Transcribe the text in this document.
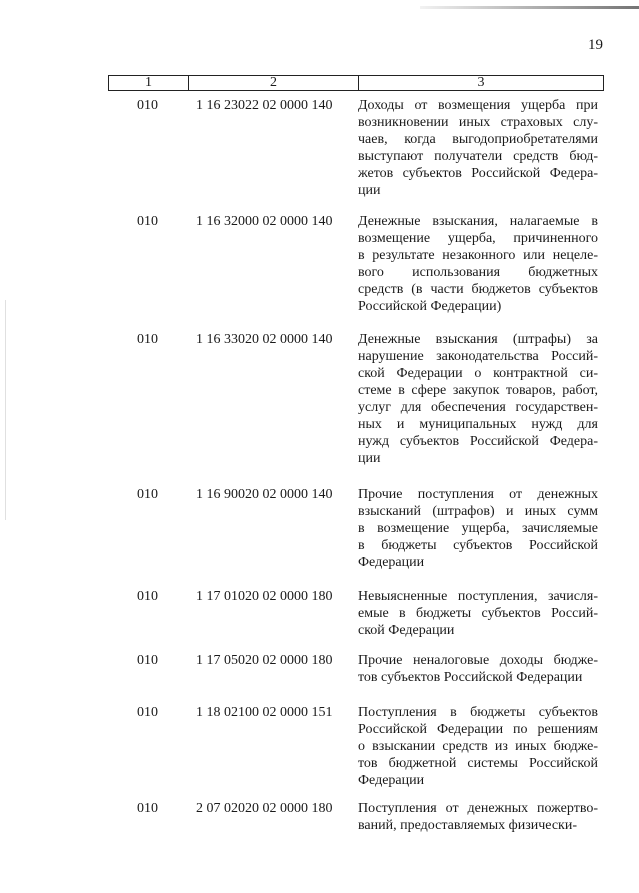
19
1	2	3
010	1 16 23022 02 0000 140 Доходы от возмещения ущерба при
возникновении иных страховых слу-
чаев, когда выгодоприобретателями
выступают получатели средств бюд-
жетов субъектов Российской Федера-
ции
010	1 16 32000 02 0000 140 Денежные взыскания, налагаемые в
возмещение ущерба, причиненного
в результате незаконного или нецеле-
вого использования бюджетных
средств (в части бюджетов субъектов
Российской Федерации)
010	1 16 33020 02 0000 140 Денежные взыскания (штрафы) за
нарушение законодательства Россий-
ской Федерации о контрактной си-
стеме в сфере закупок товаров, работ,
услуг для обеспечения государствен-
ных и муниципальных нужд для
нужд субъектов Российской Федера-
ции
010	1 16 90020 02 0000 140 Прочие поступления от денежных
взысканий (штрафов) и иных сумм
в возмещение ущерба, зачисляемые
в бюджеты субъектов Российской
Федерации
010	1 17 01020 02 0000 180 Невыясненные поступления, зачисля-
емые в бюджеты субъектов Россий-
ской Федерации
010	1 17 05020 02 0000 180 Прочие неналоговые доходы бюдже-
тов субъектов Российской Федерации
010	1 18 02100 02 0000 151 Поступления в бюджеты субъектов
Российской Федерации по решениям
о взыскании средств из иных бюдже-
тов бюджетной системы Российской
Федерации
010	2 07 02020 02 0000 180 Поступления от денежных пожертво-
ваний, предоставляемых физически-
